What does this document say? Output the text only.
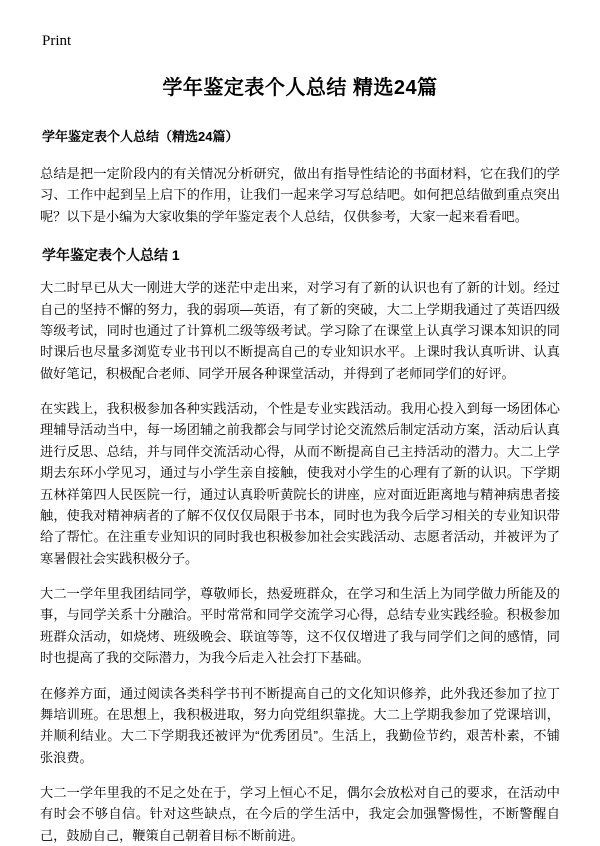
Print
学年鉴定表个人总结 精选24篇
学年鉴定表个人总结（精选24篇）

总结是把一定阶段内的有关情况分析研究，做出有指导性结论的书面材料，它在我们的学习、工作中起到呈上启下的作用，让我们一起来学习写总结吧。如何把总结做到重点突出呢？以下是小编为大家收集的学年鉴定表个人总结，仅供参考，大家一起来看看吧。

学年鉴定表个人总结 1

大二时早已从大一刚进大学的迷茫中走出来，对学习有了新的认识也有了新的计划。经过自己的坚持不懈的努力，我的弱项—英语，有了新的突破，大二上学期我通过了英语四级等级考试，同时也通过了计算机二级等级考试。学习除了在课堂上认真学习课本知识的同时课后也尽量多浏览专业书刊以不断提高自己的专业知识水平。上课时我认真听讲、认真做好笔记，积极配合老师、同学开展各种课堂活动，并得到了老师同学们的好评。

在实践上，我积极参加各种实践活动，个性是专业实践活动。我用心投入到每一场团体心理辅导活动当中，每一场团辅之前我都会与同学讨论交流然后制定活动方案，活动后认真进行反思、总结，并与同伴交流活动心得，从而不断提高自己主持活动的潜力。大二上学期去东环小学见习，通过与小学生亲自接触，使我对小学生的心理有了新的认识。下学期五林祥第四人民医院一行，通过认真聆听黄院长的讲座，应对面近距离地与精神病患者接触，使我对精神病者的了解不仅仅仅局限于书本，同时也为我今后学习相关的专业知识带给了帮忙。在注重专业知识的同时我也积极参加社会实践活动、志愿者活动，并被评为了寒暑假社会实践积极分子。

大二一学年里我团结同学，尊敬师长，热爱班群众，在学习和生活上为同学做力所能及的事，与同学关系十分融洽。平时常常和同学交流学习心得，总结专业实践经验。积极参加班群众活动，如烧烤、班级晚会、联谊等等，这不仅仅增进了我与同学们之间的感情，同时也提高了我的交际潜力，为我今后走入社会打下基础。

在修养方面，通过阅读各类科学书刊不断提高自己的文化知识修养，此外我还参加了拉丁舞培训班。在思想上，我积极进取，努力向党组织靠拢。大二上学期我参加了党课培训，并顺利结业。大二下学期我还被评为“优秀团员”。生活上，我勤俭节约，艰苦朴素，不铺张浪费。

大二一学年里我的不足之处在于，学习上恒心不足，偶尔会放松对自己的要求，在活动中有时会不够自信。针对这些缺点，在今后的学生活中，我定会加强警惕性，不断警醒自己，鼓励自己，鞭策自己朝着目标不断前进。
